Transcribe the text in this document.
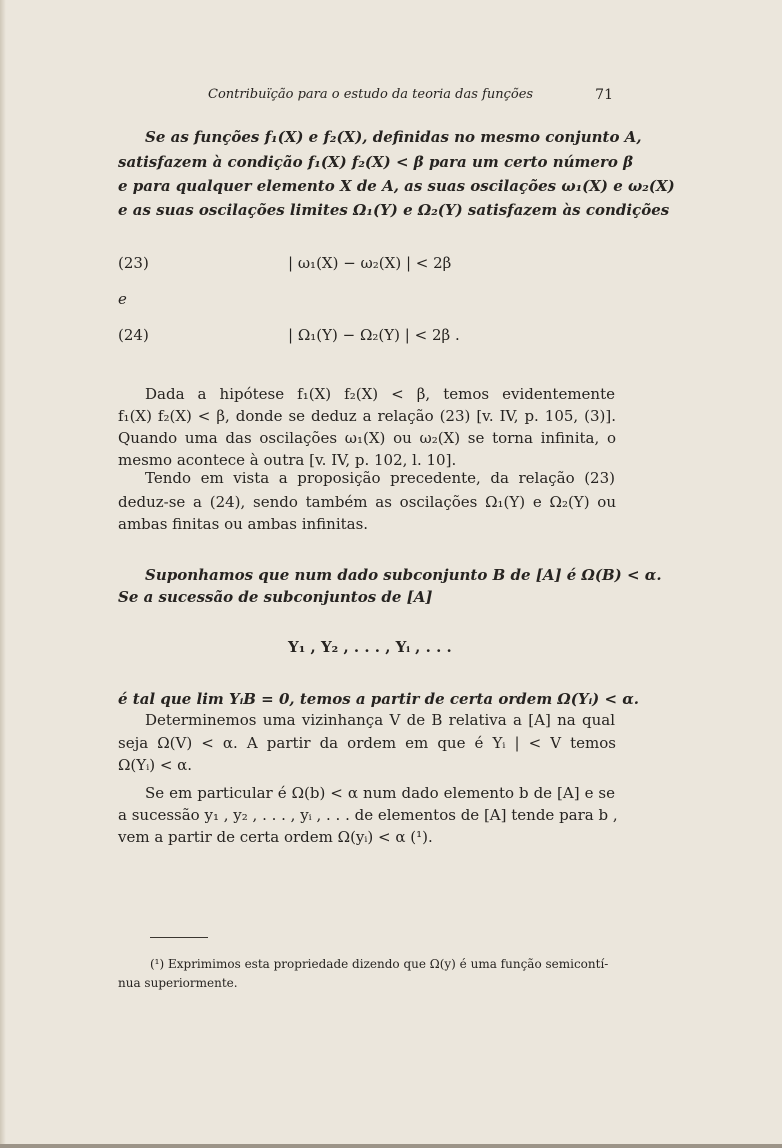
Contribuïção para o estudo da teoria das funções	71
Se as funções f₁(X) e f₂(X), definidas no mesmo conjunto A,
satisfazem à condição f₁(X) f₂(X) < β para um certo número β
e para qualquer elemento X de A, as suas oscilações ω₁(X) e ω₂(X)
e as suas oscilações limites Ω₁(Y) e Ω₂(Y) satisfazem às condições
(23)	| ω₁(X) − ω₂(X) | < 2β
e
(24)	| Ω₁(Y) − Ω₂(Y) | < 2β .
Dada a hipótese f₁(X) f₂(X) < β, temos evidentemente
f₁(X) f₂(X) < β, donde se deduz a relação (23) [v. IV, p. 105, (3)].
Quando uma das oscilações ω₁(X) ou ω₂(X) se torna infinita, o
mesmo acontece à outra [v. IV, p. 102, l. 10].
Tendo em vista a proposição precedente, da relação (23)
deduz-se a (24), sendo também as oscilações Ω₁(Y) e Ω₂(Y) ou
ambas finitas ou ambas infinitas.
Suponhamos que num dado subconjunto B de [A] é Ω(B) < α.
Se a sucessão de subconjuntos de [A]
Y₁ , Y₂ , . . . , Yᵢ , . . .
é tal que lim YᵢB = 0, temos a partir de certa ordem Ω(Yᵢ) < α.
Determinemos uma vizinhança V de B relativa a [A] na qual
seja Ω(V) < α. A partir da ordem em que é Yᵢ | < V temos
Ω(Yᵢ) < α.
Se em particular é Ω(b) < α num dado elemento b de [A] e se
a sucessão y₁ , y₂ , . . . , yᵢ , . . . de elementos de [A] tende para b ,
vem a partir de certa ordem Ω(yᵢ) < α (¹).
(¹) Exprimimos esta propriedade dizendo que Ω(y) é uma função semicontí-
nua superiormente.
